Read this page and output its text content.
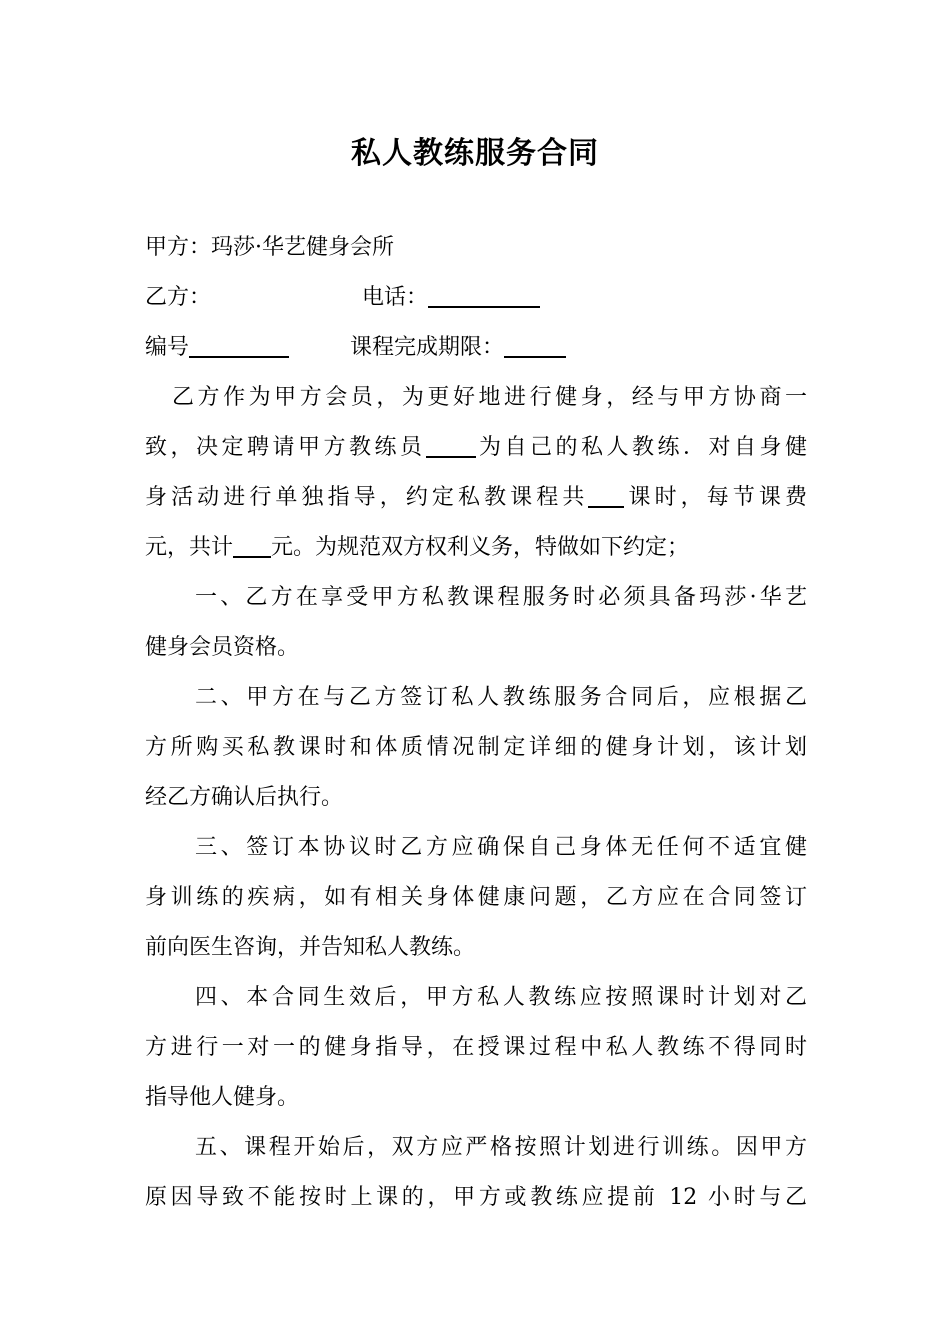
私人教练服务合同
甲方：玛莎·华艺健身会所
乙方：	电话：
编号	课程完成期限：
乙方作为甲方会员，为更好地进行健身，经与甲方协商一
致，决定聘请甲方教练员 为自己的私人教练．对自身健
身活动进行单独指导，约定私教课程共 课时，每节课费
元，共计 元。为规范双方权利义务，特做如下约定；
一、乙方在享受甲方私教课程服务时必须具备玛莎·华艺
健身会员资格。
二、甲方在与乙方签订私人教练服务合同后，应根据乙
方所购买私教课时和体质情况制定详细的健身计划，该计划
经乙方确认后执行。
三、签订本协议时乙方应确保自己身体无任何不适宜健
身训练的疾病，如有相关身体健康问题，乙方应在合同签订
前向医生咨询，并告知私人教练。
四、本合同生效后，甲方私人教练应按照课时计划对乙
方进行一对一的健身指导，在授课过程中私人教练不得同时
指导他人健身。
五、课程开始后，双方应严格按照计划进行训练。因甲方
原因导致不能按时上课的，甲方或教练应提前 12 小时与乙
